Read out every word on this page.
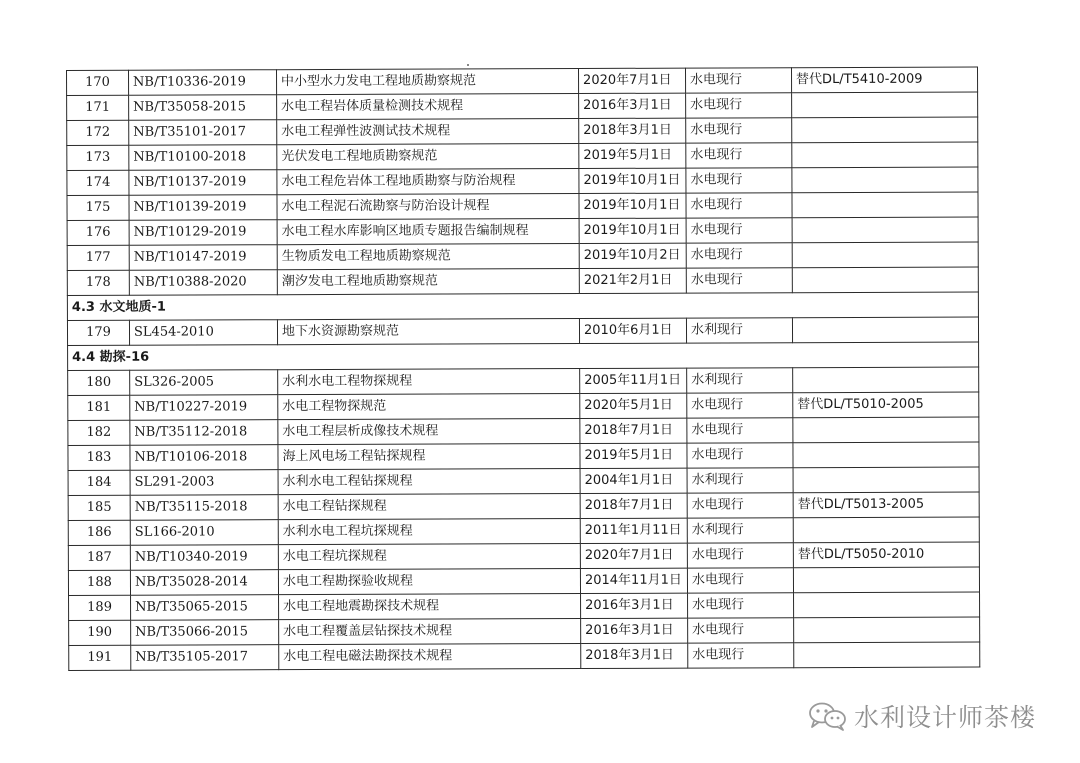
170	NB/T10336-2019	中小型水力发电工程地质勘察规范	2020年7月1日	水电现行	替代DL/T5410-2009
171	NB/T35058-2015	水电工程岩体质量检测技术规程	2016年3月1日	水电现行	
172	NB/T35101-2017	水电工程弹性波测试技术规程	2018年3月1日	水电现行	
173	NB/T10100-2018	光伏发电工程地质勘察规范	2019年5月1日	水电现行	
174	NB/T10137-2019	水电工程危岩体工程地质勘察与防治规程	2019年10月1日	水电现行	
175	NB/T10139-2019	水电工程泥石流勘察与防治设计规程	2019年10月1日	水电现行	
176	NB/T10129-2019	水电工程水库影响区地质专题报告编制规程	2019年10月1日	水电现行	
177	NB/T10147-2019	生物质发电工程地质勘察规范	2019年10月2日	水电现行	
178	NB/T10388-2020	潮汐发电工程地质勘察规范	2021年2月1日	水电现行	
4.3 水文地质-1					
179	SL454-2010	地下水资源勘察规范	2010年6月1日	水利现行	
4.4 勘探-16					
180	SL326-2005	水利水电工程物探规程	2005年11月1日	水利现行	
181	NB/T10227-2019	水电工程物探规范	2020年5月1日	水电现行	替代DL/T5010-2005
182	NB/T35112-2018	水电工程层析成像技术规程	2018年7月1日	水电现行	
183	NB/T10106-2018	海上风电场工程钻探规程	2019年5月1日	水电现行	
184	SL291-2003	水利水电工程钻探规程	2004年1月1日	水利现行	
185	NB/T35115-2018	水电工程钻探规程	2018年7月1日	水电现行	替代DL/T5013-2005
186	SL166-2010	水利水电工程坑探规程	2011年1月11日	水利现行	
187	NB/T10340-2019	水电工程坑探规程	2020年7月1日	水电现行	替代DL/T5050-2010
188	NB/T35028-2014	水电工程勘探验收规程	2014年11月1日	水电现行	
189	NB/T35065-2015	水电工程地震勘探技术规程	2016年3月1日	水电现行	
190	NB/T35066-2015	水电工程覆盖层钻探技术规程	2016年3月1日	水电现行	
191	NB/T35105-2017	水电工程电磁法勘探技术规程	2018年3月1日	水电现行	
水利设计师茶楼
